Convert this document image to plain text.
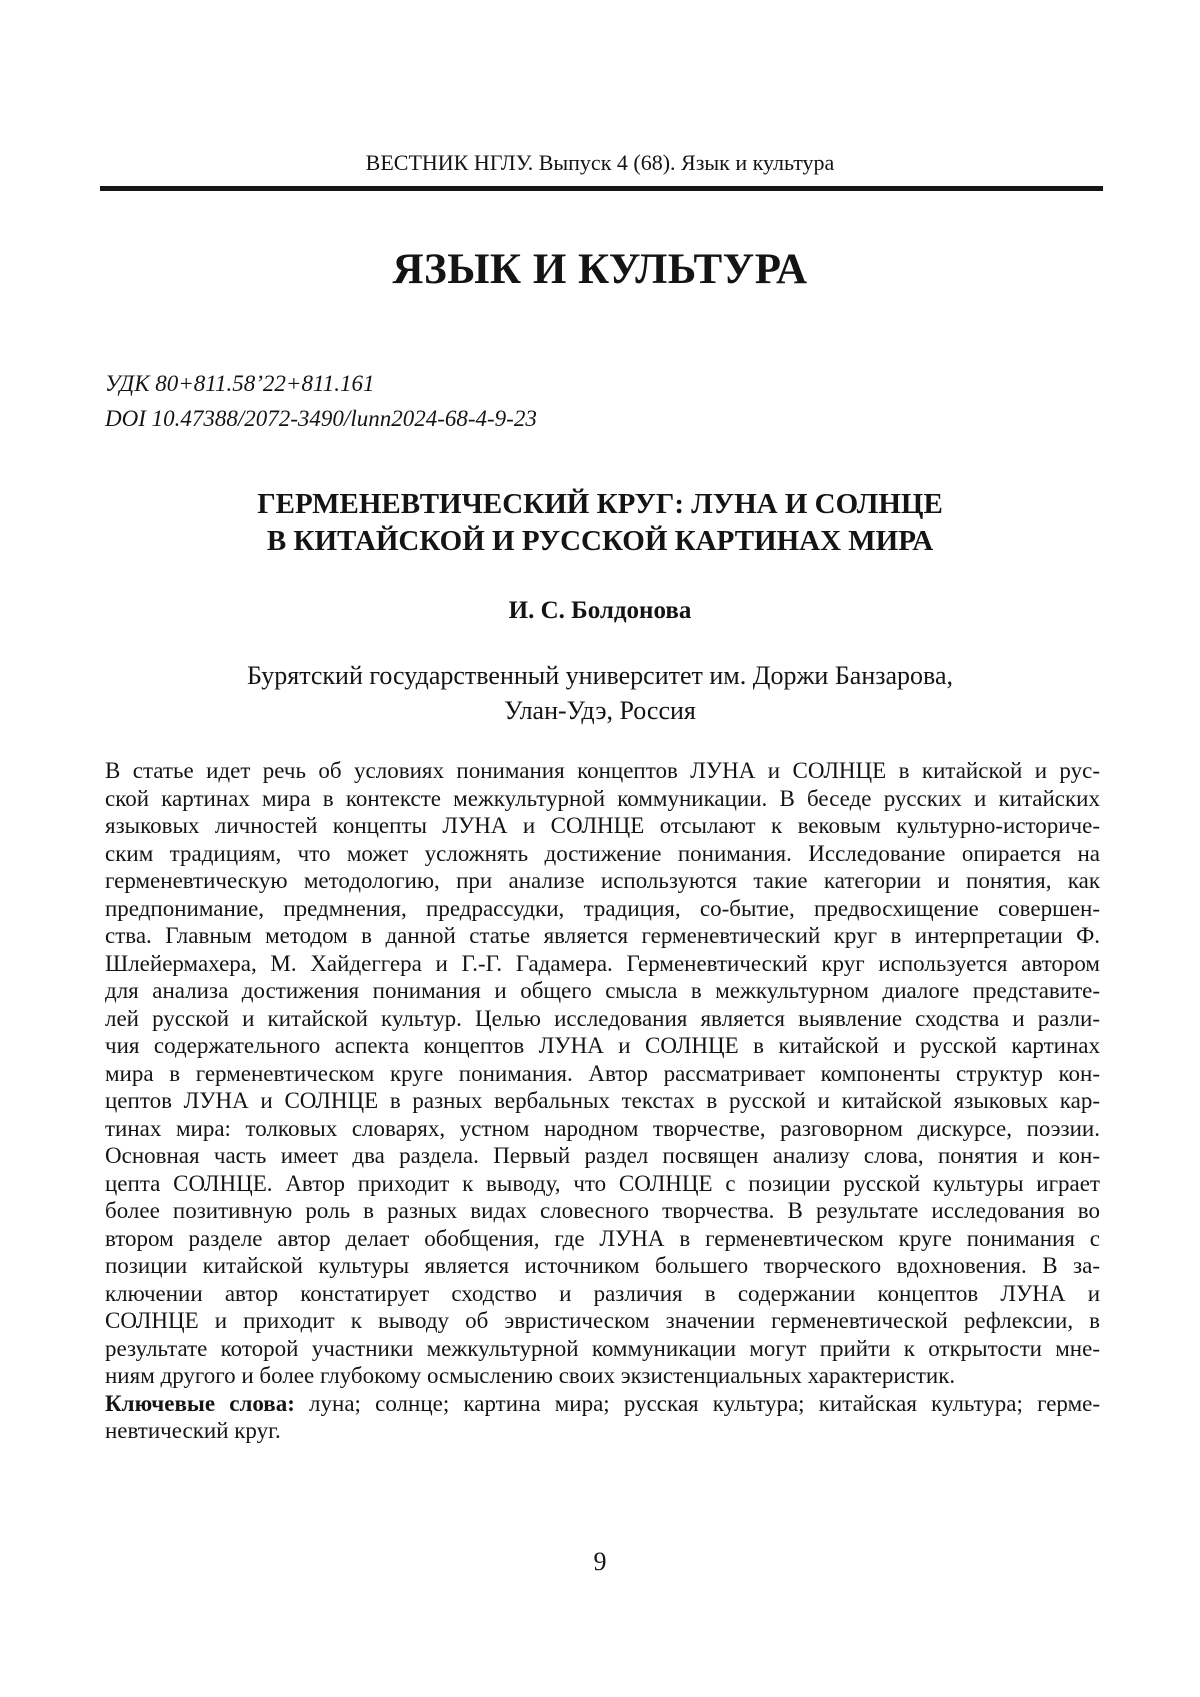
ВЕСТНИК НГЛУ. Выпуск 4 (68). Язык и культура
ЯЗЫК И КУЛЬТУРА
УДК 80+811.58’22+811.161
DOI 10.47388/2072-3490/lunn2024-68-4-9-23
ГЕРМЕНЕВТИЧЕСКИЙ КРУГ: ЛУНА И СОЛНЦЕ
В КИТАЙСКОЙ И РУССКОЙ КАРТИНАХ МИРА
И. С. Болдонова
Бурятский государственный университет им. Доржи Банзарова,
Улан-Удэ, Россия
В статье идет речь об условиях понимания концептов ЛУНА и СОЛНЦЕ в китайской и рус-
ской картинах мира в контексте межкультурной коммуникации. В беседе русских и китайских
языковых личностей концепты ЛУНА и СОЛНЦЕ отсылают к вековым культурно-историче-
ским традициям, что может усложнять достижение понимания. Исследование опирается на
герменевтическую методологию, при анализе используются такие категории и понятия, как
предпонимание, предмнения, предрассудки, традиция, со-бытие, предвосхищение совершен-
ства. Главным методом в данной статье является герменевтический круг в интерпретации Ф.
Шлейермахера, М. Хайдеггера и Г.-Г. Гадамера. Герменевтический круг используется автором
для анализа достижения понимания и общего смысла в межкультурном диалоге представите-
лей русской и китайской культур. Целью исследования является выявление сходства и разли-
чия содержательного аспекта концептов ЛУНА и СОЛНЦЕ в китайской и русской картинах
мира в герменевтическом круге понимания. Автор рассматривает компоненты структур кон-
цептов ЛУНА и СОЛНЦЕ в разных вербальных текстах в русской и китайской языковых кар-
тинах мира: толковых словарях, устном народном творчестве, разговорном дискурсе, поэзии.
Основная часть имеет два раздела. Первый раздел посвящен анализу слова, понятия и кон-
цепта СОЛНЦЕ. Автор приходит к выводу, что СОЛНЦЕ с позиции русской культуры играет
более позитивную роль в разных видах словесного творчества. В результате исследования во
втором разделе автор делает обобщения, где ЛУНА в герменевтическом круге понимания с
позиции китайской культуры является источником большего творческого вдохновения. В за-
ключении автор констатирует сходство и различия в содержании концептов ЛУНА и
СОЛНЦЕ и приходит к выводу об эвристическом значении герменевтической рефлексии, в
результате которой участники межкультурной коммуникации могут прийти к открытости мне-
ниям другого и более глубокому осмыслению своих экзистенциальных характеристик.
Ключевые слова: луна; солнце; картина мира; русская культура; китайская культура; герме-
невтический круг.
9
